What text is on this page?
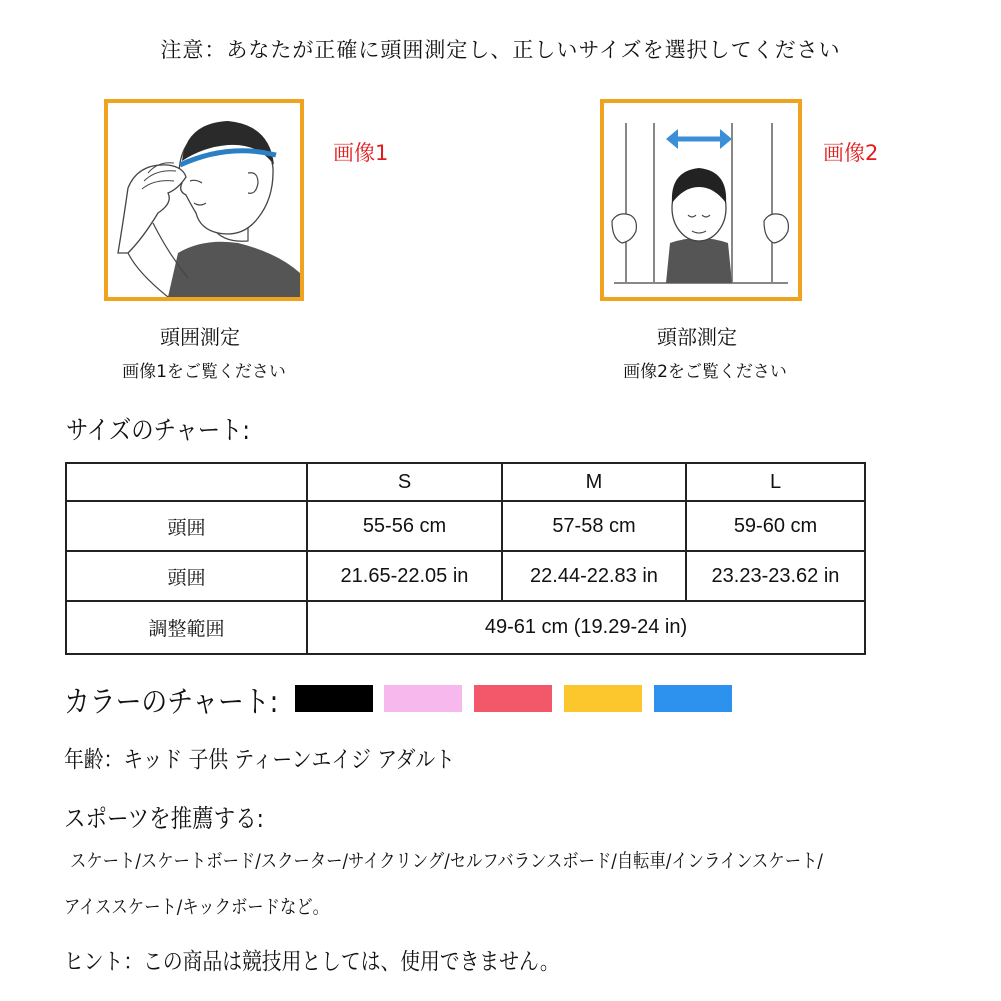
注意：あなたが正確に頭囲測定し、正しいサイズを選択してください
画像1	画像2
頭囲測定
画像1をご覧ください
頭部測定
画像2をご覧ください
サイズのチャート:
	S	M	L
頭囲	55-56 cm	57-58 cm	59-60 cm
頭囲	21.65-22.05 in	22.44-22.83 in	23.23-23.62 in
調整範囲	49-61 cm (19.29-24 in)		
カラーのチャート:
年齢：キッド 子供 ティーンエイジ アダルト
スポーツを推薦する:
スケート/スケートボード/スクーター/サイクリング/セルフバランスボード/自転車/インラインスケート/
アイススケート/キックボードなど。
ヒント：この商品は競技用としては、使用できません。
